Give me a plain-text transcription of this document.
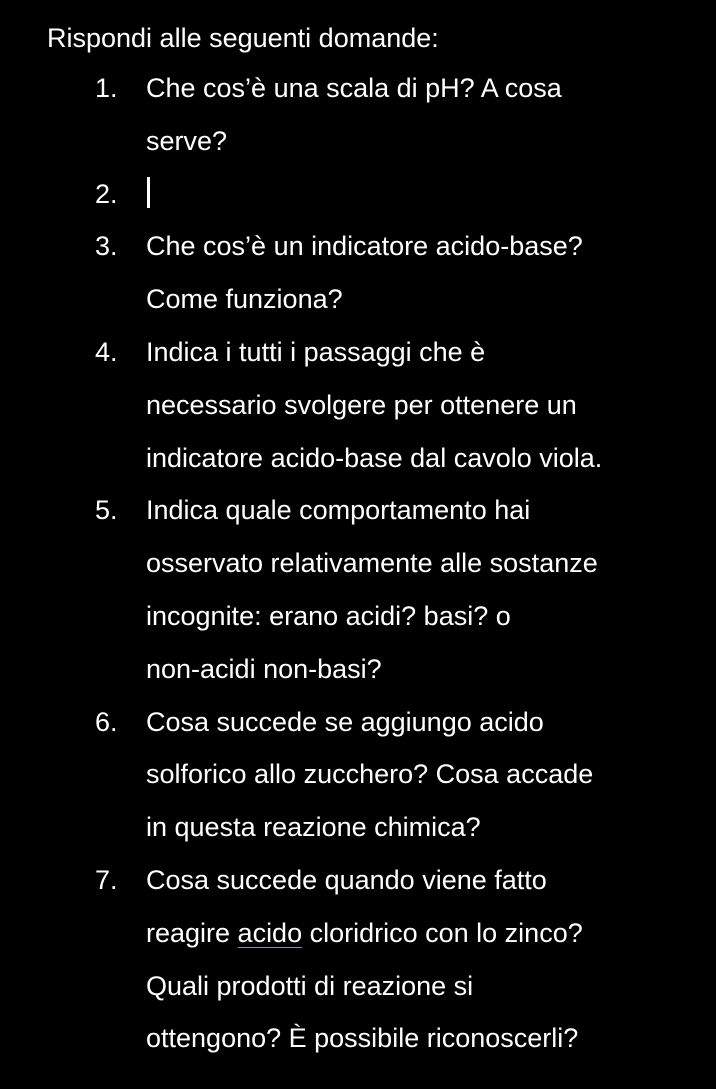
Rispondi alle seguenti domande:
1. Che cos’è una scala di pH? A cosa
serve?
2.
3. Che cos’è un indicatore acido-base?
Come funziona?
4. Indica i tutti i passaggi che è
necessario svolgere per ottenere un
indicatore acido-base dal cavolo viola.
5. Indica quale comportamento hai
osservato relativamente alle sostanze
incognite: erano acidi? basi? o
non-acidi non-basi?
6. Cosa succede se aggiungo acido
solforico allo zucchero? Cosa accade
in questa reazione chimica?
7. Cosa succede quando viene fatto
reagire acido cloridrico con lo zinco?
Quali prodotti di reazione si
ottengono? È possibile riconoscerli?
